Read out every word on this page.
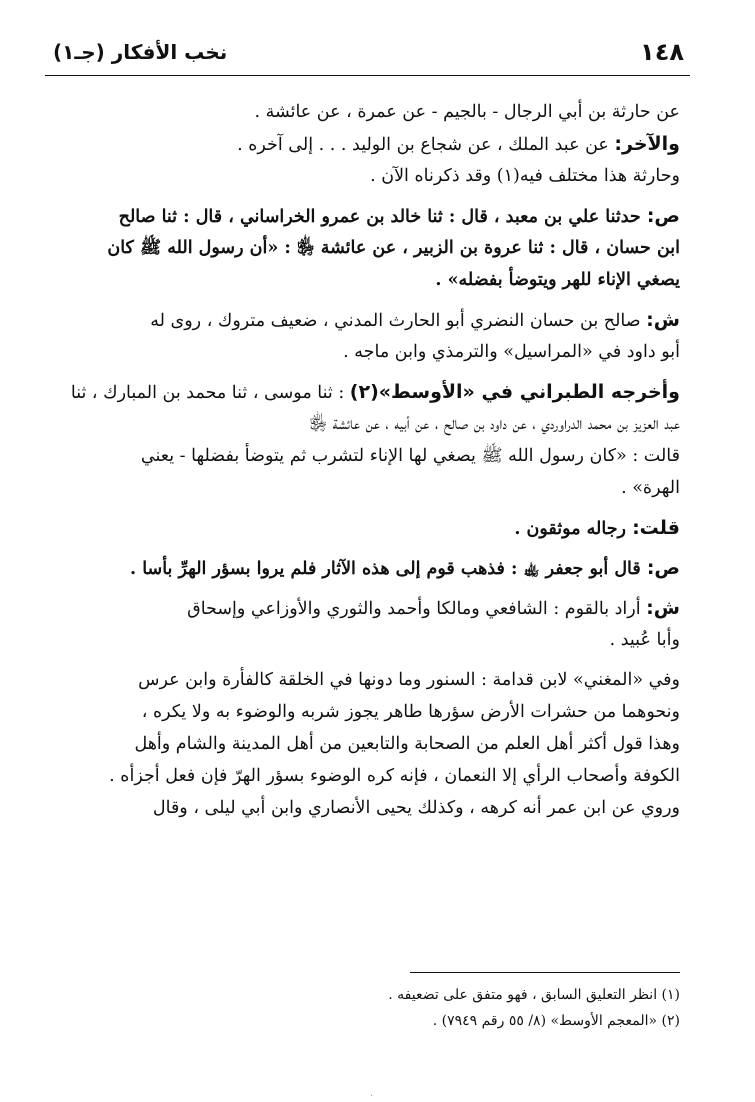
١٤٨
نخب الأفكار (جـ١)
عن حارثة بن أبي الرجال - بالجيم - عن عمرة ، عن عائشة .
والآخر: عن عبد الملك ، عن شجاع بن الوليد . . . إلى آخره .
وحارثة هذا مختلف فيه(١) وقد ذكرناه الآن .
ص: حدثنا علي بن معبد ، قال : ثنا خالد بن عمرو الخراساني ، قال : ثنا صالح
ابن حسان ، قال : ثنا عروة بن الزبير ، عن عائشة ﵂ : «أن رسول الله ﷺ كان
يصغي الإناء للهر ويتوضأ بفضله» .
ش: صالح بن حسان النضري أبو الحارث المدني ، ضعيف متروك ، روى له
أبو داود في «المراسيل» والترمذي وابن ماجه .
وأخرجه الطبراني في «الأوسط»(٢) : ثنا موسى ، ثنا محمد بن المبارك ، ثنا
عبد العزيز بن محمد الدراوردي ، عن داود بن صالح ، عن أبيه ، عن عائشة ﵂
قالت : «كان رسول الله ﷺ يصغي لها الإناء لتشرب ثم يتوضأ بفضلها - يعني
الهرة» .
قلت: رجاله موثقون .
ص: قال أبو جعفر ﵀ : فذهب قوم إلى هذه الآثار فلم يروا بسؤر الهرِّ بأسا .
ش: أراد بالقوم : الشافعي ومالكا وأحمد والثوري والأوزاعي وإسحاق
وأبا عُبيد .
وفي «المغني» لابن قدامة : السنور وما دونها في الخلقة كالفأرة وابن عرس
ونحوهما من حشرات الأرض سؤرها طاهر يجوز شربه والوضوء به ولا يكره ،
وهذا قول أكثر أهل العلم من الصحابة والتابعين من أهل المدينة والشام وأهل
الكوفة وأصحاب الرأي إلا النعمان ، فإنه كره الوضوء بسؤر الهرّ فإن فعل أجزأه .
وروي عن ابن عمر أنه كرهه ، وكذلك يحيى الأنصاري وابن أبي ليلى ، وقال
(١) انظر التعليق السابق ، فهو متفق على تضعيفه .
(٢) «المعجم الأوسط» (٨/ ٥٥ رقم ٧٩٤٩) .
.
